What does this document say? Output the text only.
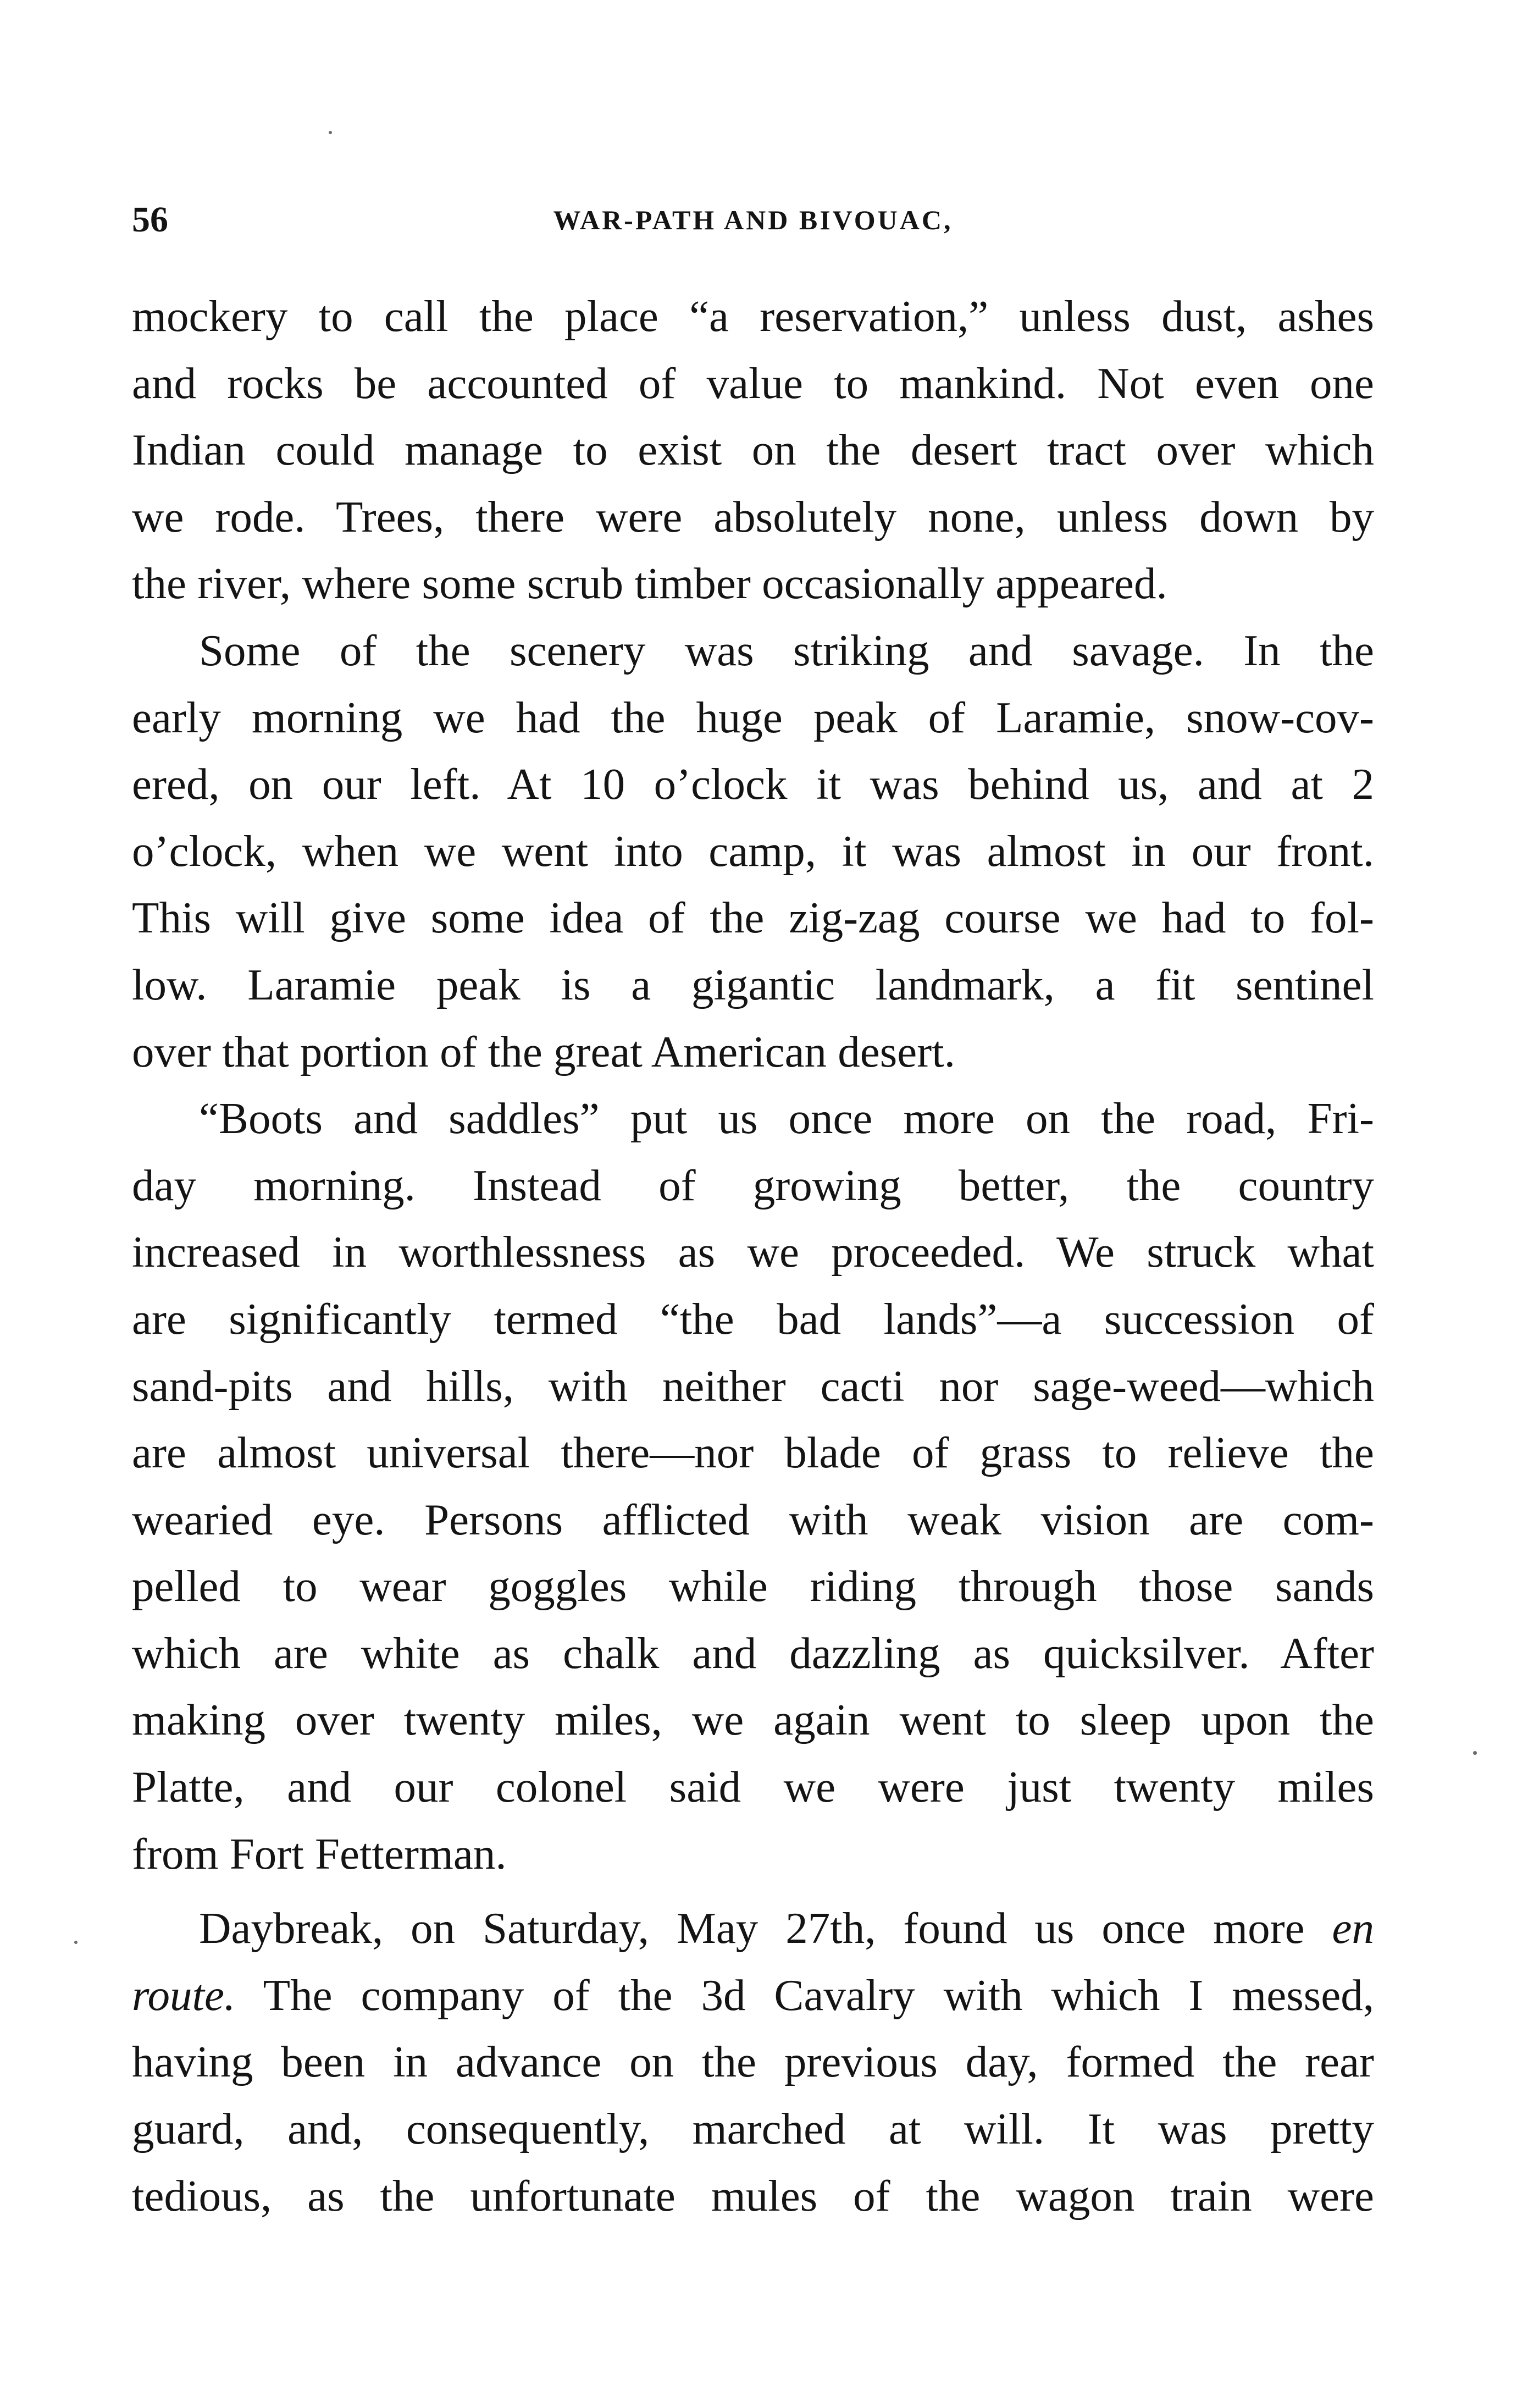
56	WAR-PATH AND BIVOUAC,
mockery to call the place “a reservation,” unless dust, ashes
and rocks be accounted of value to mankind. Not even one
Indian could manage to exist on the desert tract over which
we rode. Trees, there were absolutely none, unless down by
the river, where some scrub timber occasionally appeared.
Some of the scenery was striking and savage. In the
early morning we had the huge peak of Laramie, snow-cov-
ered, on our left. At 10 o’clock it was behind us, and at 2
o’clock, when we went into camp, it was almost in our front.
This will give some idea of the zig-zag course we had to fol-
low. Laramie peak is a gigantic landmark, a fit sentinel
over that portion of the great American desert.
“Boots and saddles” put us once more on the road, Fri-
day morning. Instead of growing better, the country
increased in worthlessness as we proceeded. We struck what
are significantly termed “the bad lands”—a succession of
sand-pits and hills, with neither cacti nor sage-weed—which
are almost universal there—nor blade of grass to relieve the
wearied eye. Persons afflicted with weak vision are com-
pelled to wear goggles while riding through those sands
which are white as chalk and dazzling as quicksilver. After
making over twenty miles, we again went to sleep upon the
Platte, and our colonel said we were just twenty miles
from Fort Fetterman.
Daybreak, on Saturday, May 27th, found us once more en
route. The company of the 3d Cavalry with which I messed,
having been in advance on the previous day, formed the rear
guard, and, consequently, marched at will. It was pretty
tedious, as the unfortunate mules of the wagon train were
